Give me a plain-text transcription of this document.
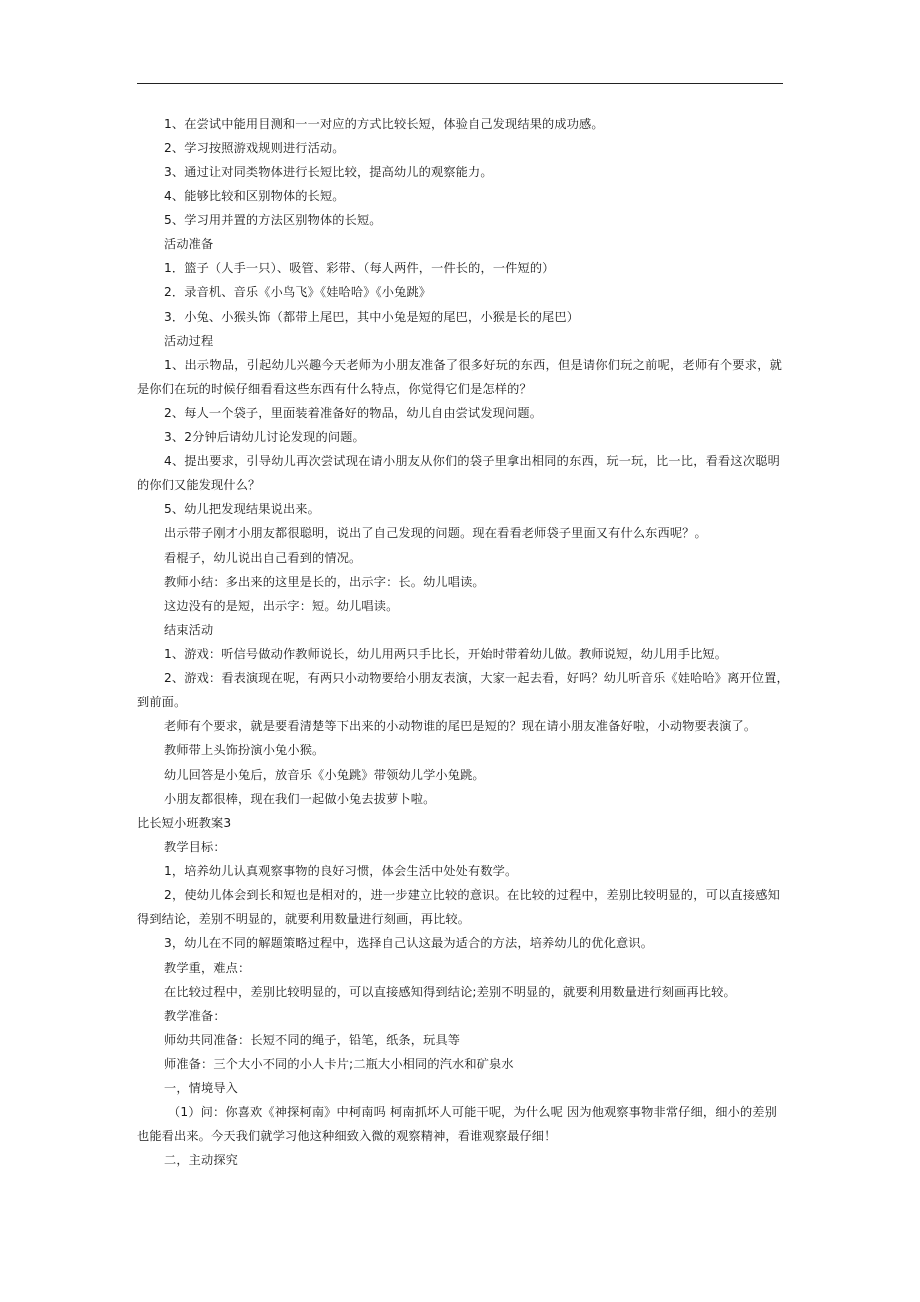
1、在尝试中能用目测和一一对应的方式比较长短，体验自己发现结果的成功感。
2、学习按照游戏规则进行活动。
3、通过让对同类物体进行长短比较，提高幼儿的观察能力。
4、能够比较和区别物体的长短。
5、学习用并置的方法区别物体的长短。
活动准备
1．篮子（人手一只）、吸管、彩带、（每人两件，一件长的，一件短的）
2．录音机、音乐《小鸟飞》《娃哈哈》《小兔跳》
3．小兔、小猴头饰（都带上尾巴，其中小兔是短的尾巴，小猴是长的尾巴）
活动过程
1、出示物品，引起幼儿兴趣今天老师为小朋友准备了很多好玩的东西，但是请你们玩之前呢，老师有个要求，就
是你们在玩的时候仔细看看这些东西有什么特点，你觉得它们是怎样的？
2、每人一个袋子，里面装着准备好的物品，幼儿自由尝试发现问题。
3、2分钟后请幼儿讨论发现的问题。
4、提出要求，引导幼儿再次尝试现在请小朋友从你们的袋子里拿出相同的东西，玩一玩，比一比，看看这次聪明
的你们又能发现什么？
5、幼儿把发现结果说出来。
出示带子刚才小朋友都很聪明，说出了自己发现的问题。现在看看老师袋子里面又有什么东西呢？。
看棍子，幼儿说出自己看到的情况。
教师小结：多出来的这里是长的，出示字：长。幼儿唱读。
这边没有的是短，出示字：短。幼儿唱读。
结束活动
1、游戏：听信号做动作教师说长，幼儿用两只手比长，开始时带着幼儿做。教师说短，幼儿用手比短。
2、游戏：看表演现在呢，有两只小动物要给小朋友表演，大家一起去看，好吗？幼儿听音乐《娃哈哈》离开位置，
到前面。
老师有个要求，就是要看清楚等下出来的小动物谁的尾巴是短的？现在请小朋友准备好啦，小动物要表演了。
教师带上头饰扮演小兔小猴。
幼儿回答是小兔后，放音乐《小兔跳》带领幼儿学小兔跳。
小朋友都很棒，现在我们一起做小兔去拔萝卜啦。
比长短小班教案3
教学目标：
1，培养幼儿认真观察事物的良好习惯，体会生活中处处有数学。
2，使幼儿体会到长和短也是相对的，进一步建立比较的意识。在比较的过程中，差别比较明显的，可以直接感知
得到结论，差别不明显的，就要利用数量进行刻画，再比较。
3，幼儿在不同的解题策略过程中，选择自己认这最为适合的方法，培养幼儿的优化意识。
教学重，难点：
在比较过程中，差别比较明显的，可以直接感知得到结论;差别不明显的，就要利用数量进行刻画再比较。
教学准备：
师幼共同准备：长短不同的绳子，铅笔，纸条，玩具等
师准备：三个大小不同的小人卡片;二瓶大小相同的汽水和矿泉水
一，情境导入
（1）问：你喜欢《神探柯南》中柯南吗 柯南抓坏人可能干呢，为什么呢 因为他观察事物非常仔细，细小的差别
也能看出来。今天我们就学习他这种细致入微的观察精神，看谁观察最仔细！
二，主动探究
